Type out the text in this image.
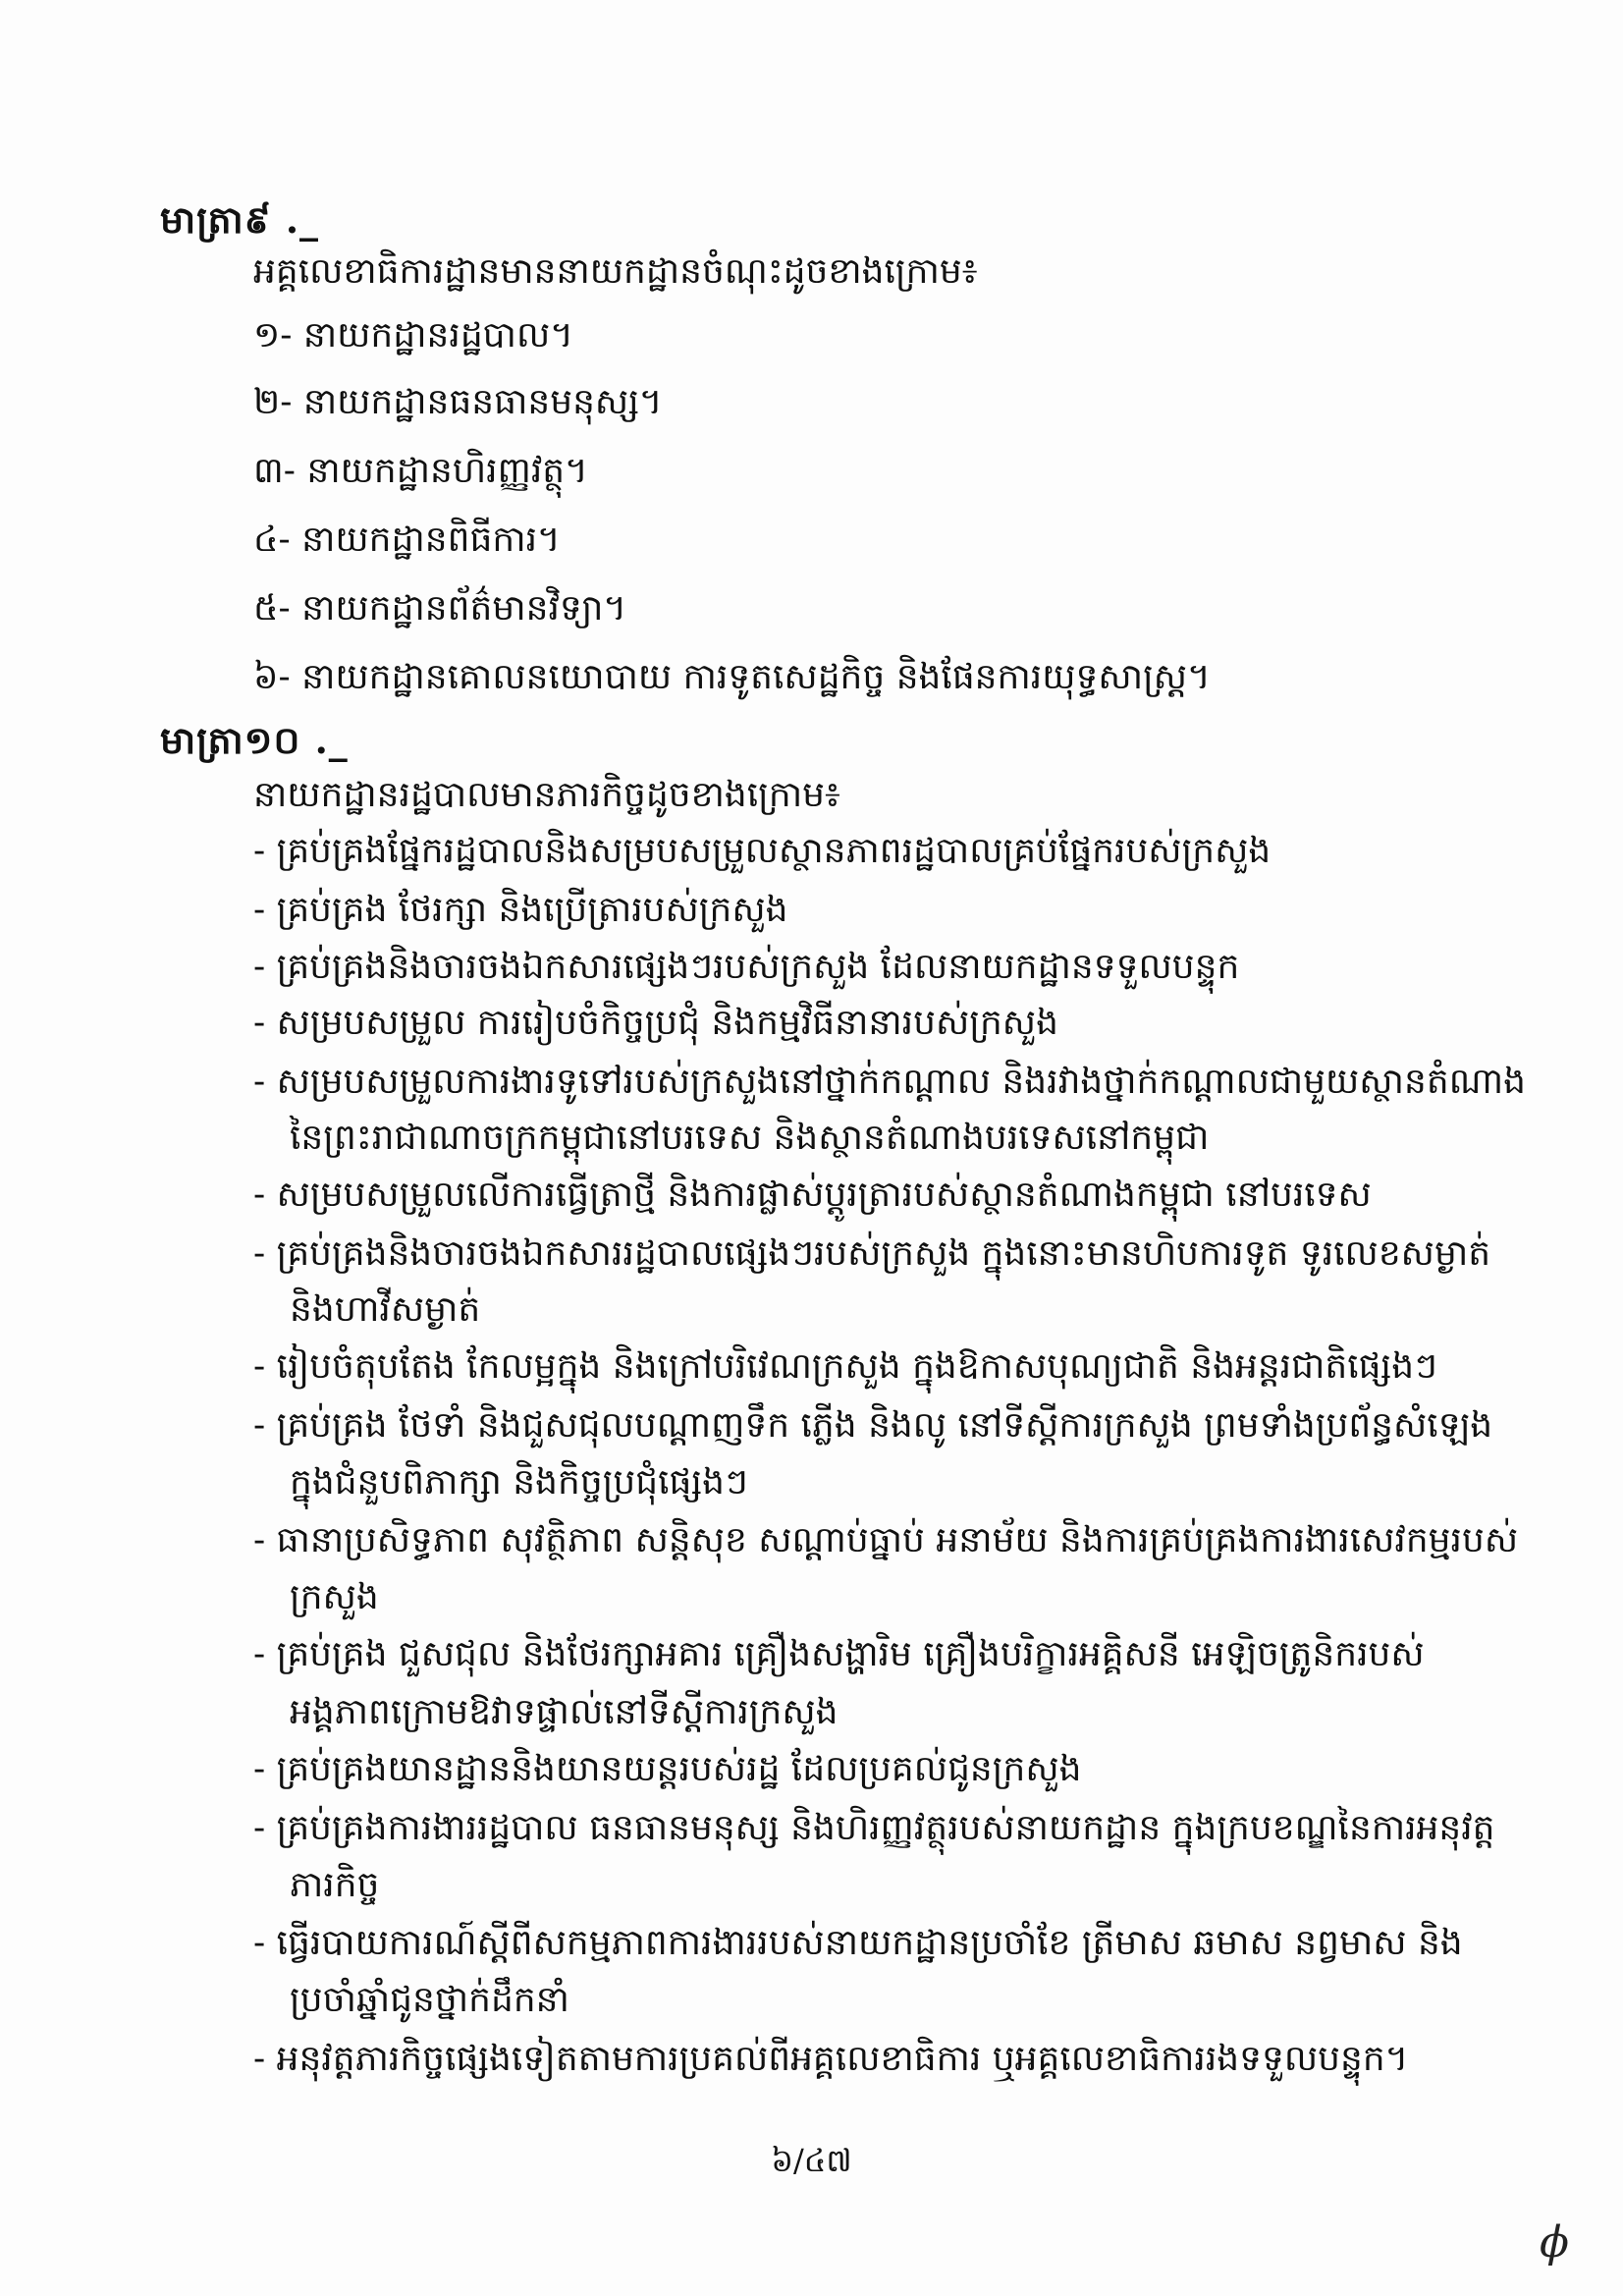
មាត្រា៩ ._
អគ្គលេខាធិការដ្ឋានមាននាយកដ្ឋានចំណុះដូចខាងក្រោម៖
១- នាយកដ្ឋានរដ្ឋបាល។
២- នាយកដ្ឋានធនធានមនុស្ស។
៣- នាយកដ្ឋានហិរញ្ញវត្ថុ។
៤- នាយកដ្ឋានពិធីការ។
៥- នាយកដ្ឋានព័ត៌មានវិទ្យា។
៦- នាយកដ្ឋានគោលនយោបាយ ការទូតសេដ្ឋកិច្ច និងផែនការយុទ្ធសាស្ត្រ។
មាត្រា១០ ._
នាយកដ្ឋានរដ្ឋបាលមានភារកិច្ចដូចខាងក្រោម៖
- គ្រប់គ្រងផ្នែករដ្ឋបាលនិងសម្របសម្រួលស្ថានភាពរដ្ឋបាលគ្រប់ផ្នែករបស់ក្រសួង
- គ្រប់គ្រង ថែរក្សា និងប្រើត្រារបស់ក្រសួង
- គ្រប់គ្រងនិងចារចងឯកសារផ្សេងៗរបស់ក្រសួង ដែលនាយកដ្ឋានទទួលបន្ទុក
- សម្របសម្រួល ការរៀបចំកិច្ចប្រជុំ និងកម្មវិធីនានារបស់ក្រសួង
- សម្របសម្រួលការងារទូទៅរបស់ក្រសួងនៅថ្នាក់កណ្ដាល និងរវាងថ្នាក់កណ្ដាលជាមួយស្ថានតំណាង
នៃព្រះរាជាណាចក្រកម្ពុជានៅបរទេស និងស្ថានតំណាងបរទេសនៅកម្ពុជា
- សម្របសម្រួលលើការធ្វើត្រាថ្មី និងការផ្លាស់ប្ដូរត្រារបស់ស្ថានតំណាងកម្ពុជា នៅបរទេស
- គ្រប់គ្រងនិងចារចងឯកសាររដ្ឋបាលផ្សេងៗរបស់ក្រសួង ក្នុងនោះមានហិបការទូត ទូរលេខសម្ងាត់
និងហាវីសម្ងាត់
- រៀបចំតុបតែង កែលម្អក្នុង និងក្រៅបរិវេណក្រសួង ក្នុងឱកាសបុណ្យជាតិ និងអន្តរជាតិផ្សេងៗ
- គ្រប់គ្រង ថែទាំ និងជួសជុលបណ្ដាញទឹក ភ្លើង និងលូ នៅទីស្តីការក្រសួង ព្រមទាំងប្រព័ន្ធសំឡេង
ក្នុងជំនួបពិភាក្សា និងកិច្ចប្រជុំផ្សេងៗ
- ធានាប្រសិទ្ធភាព សុវត្ថិភាព សន្តិសុខ សណ្ដាប់ធ្នាប់ អនាម័យ និងការគ្រប់គ្រងការងារសេវកម្មរបស់
ក្រសួង
- គ្រប់គ្រង ជួសជុល និងថែរក្សាអគារ គ្រឿងសង្ហារិម គ្រឿងបរិក្ខារអគ្គិសនី អេឡិចត្រូនិករបស់
អង្គភាពក្រោមឱវាទផ្ទាល់នៅទីស្តីការក្រសួង
- គ្រប់គ្រងយានដ្ឋាននិងយានយន្តរបស់រដ្ឋ ដែលប្រគល់ជូនក្រសួង
- គ្រប់គ្រងការងាររដ្ឋបាល ធនធានមនុស្ស និងហិរញ្ញវត្ថុរបស់នាយកដ្ឋាន ក្នុងក្របខណ្ឌនៃការអនុវត្ត
ភារកិច្ច
- ធ្វើរបាយការណ៍ស្ដីពីសកម្មភាពការងាររបស់នាយកដ្ឋានប្រចាំខែ ត្រីមាស ឆមាស នព្វមាស និង
ប្រចាំឆ្នាំជូនថ្នាក់ដឹកនាំ
- អនុវត្តភារកិច្ចផ្សេងទៀតតាមការប្រគល់ពីអគ្គលេខាធិការ ឬអគ្គលេខាធិការរងទទួលបន្ទុក។
៦/៤៧
ϕ
